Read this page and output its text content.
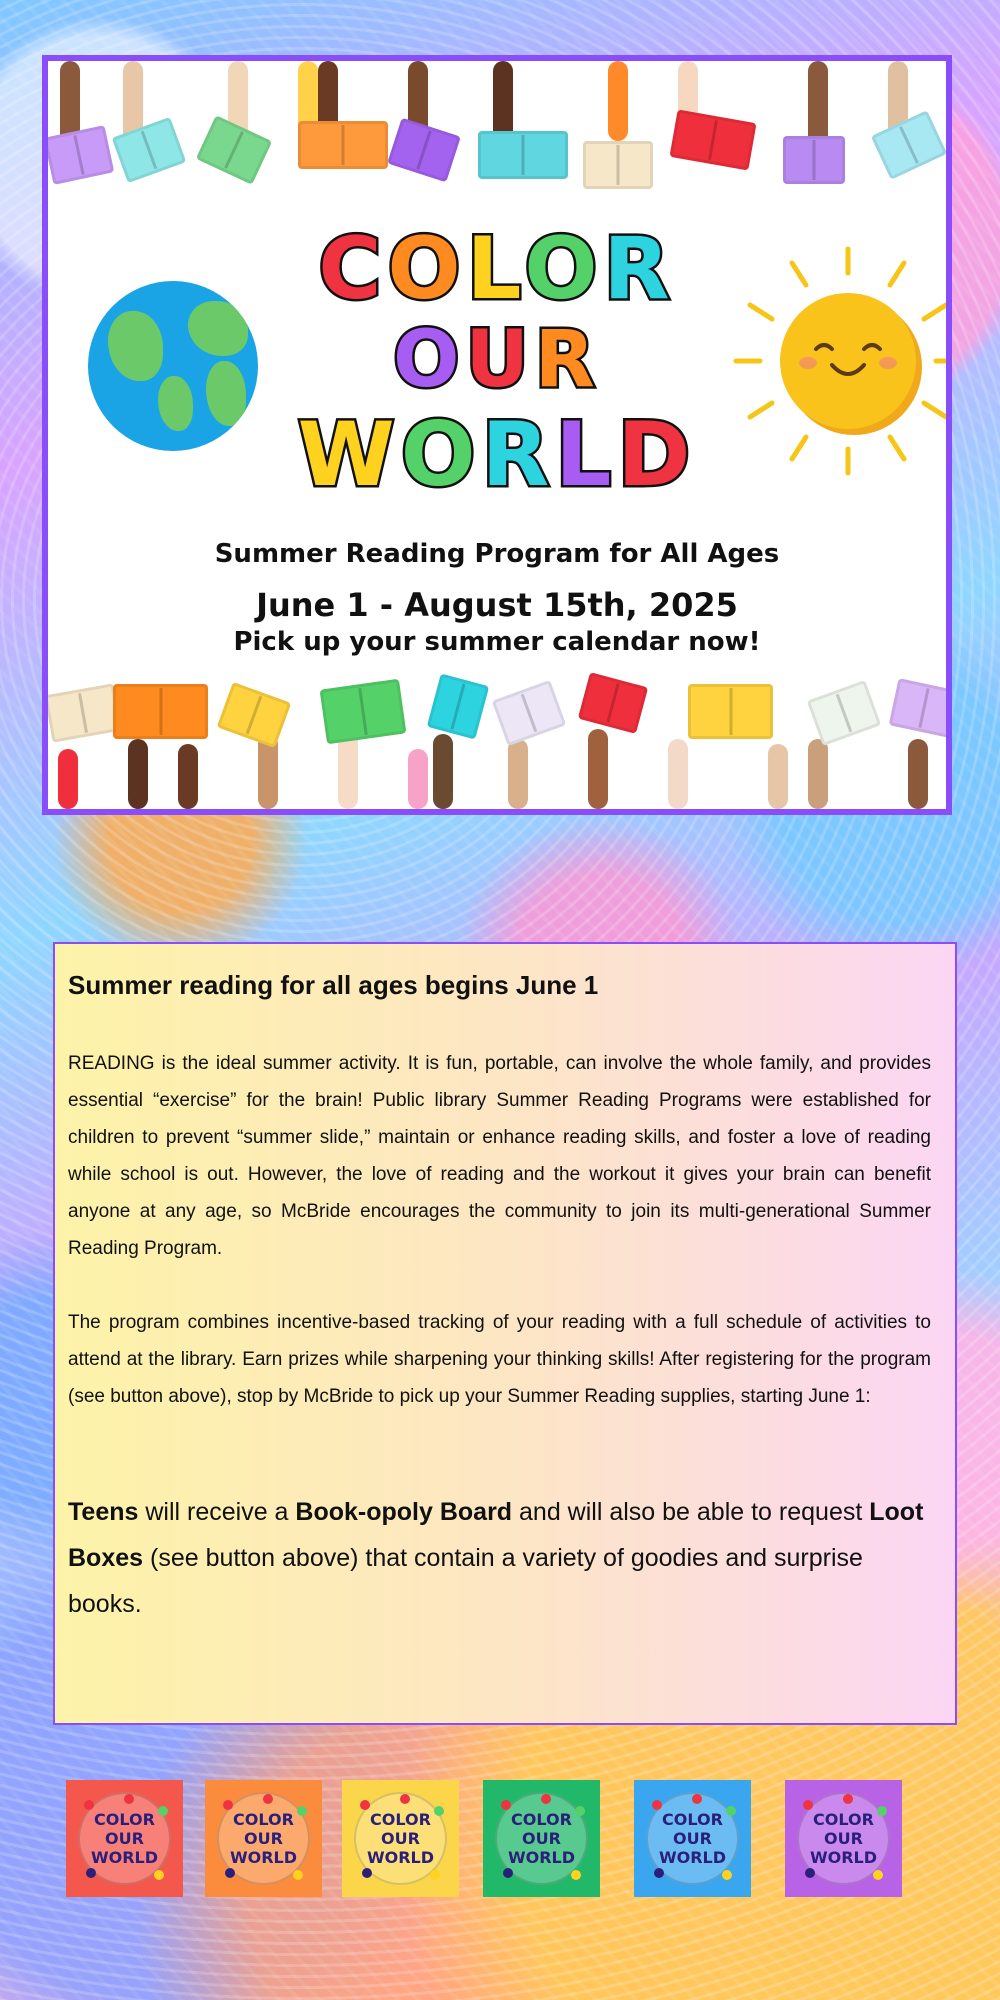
COLOR
OUR
WORLD
Summer Reading Program for All Ages
June 1 - August 15th, 2025
Pick up your summer calendar now!
Summer reading for all ages begins June 1

READING is the ideal summer activity. It is fun, portable, can involve the whole family, and provides essential “exercise” for the brain! Public library Summer Reading Programs were established for children to prevent “summer slide,” maintain or enhance reading skills, and foster a love of reading while school is out. However, the love of reading and the workout it gives your brain can benefit anyone at any age, so McBride encourages the community to join its multi-generational Summer Reading Program.

The program combines incentive-based tracking of your reading with a full schedule of activities to attend at the library. Earn prizes while sharpening your thinking skills! After registering for the program (see button above), stop by McBride to pick up your Summer Reading supplies, starting June 1:

Teens will receive a Book-opoly Board and will also be able to request Loot Boxes (see button above) that contain a variety of goodies and surprise books.

COLOR
OUR
WORLD
COLOR
OUR
WORLD
COLOR
OUR
WORLD
COLOR
OUR
WORLD
COLOR
OUR
WORLD
COLOR
OUR
WORLD
